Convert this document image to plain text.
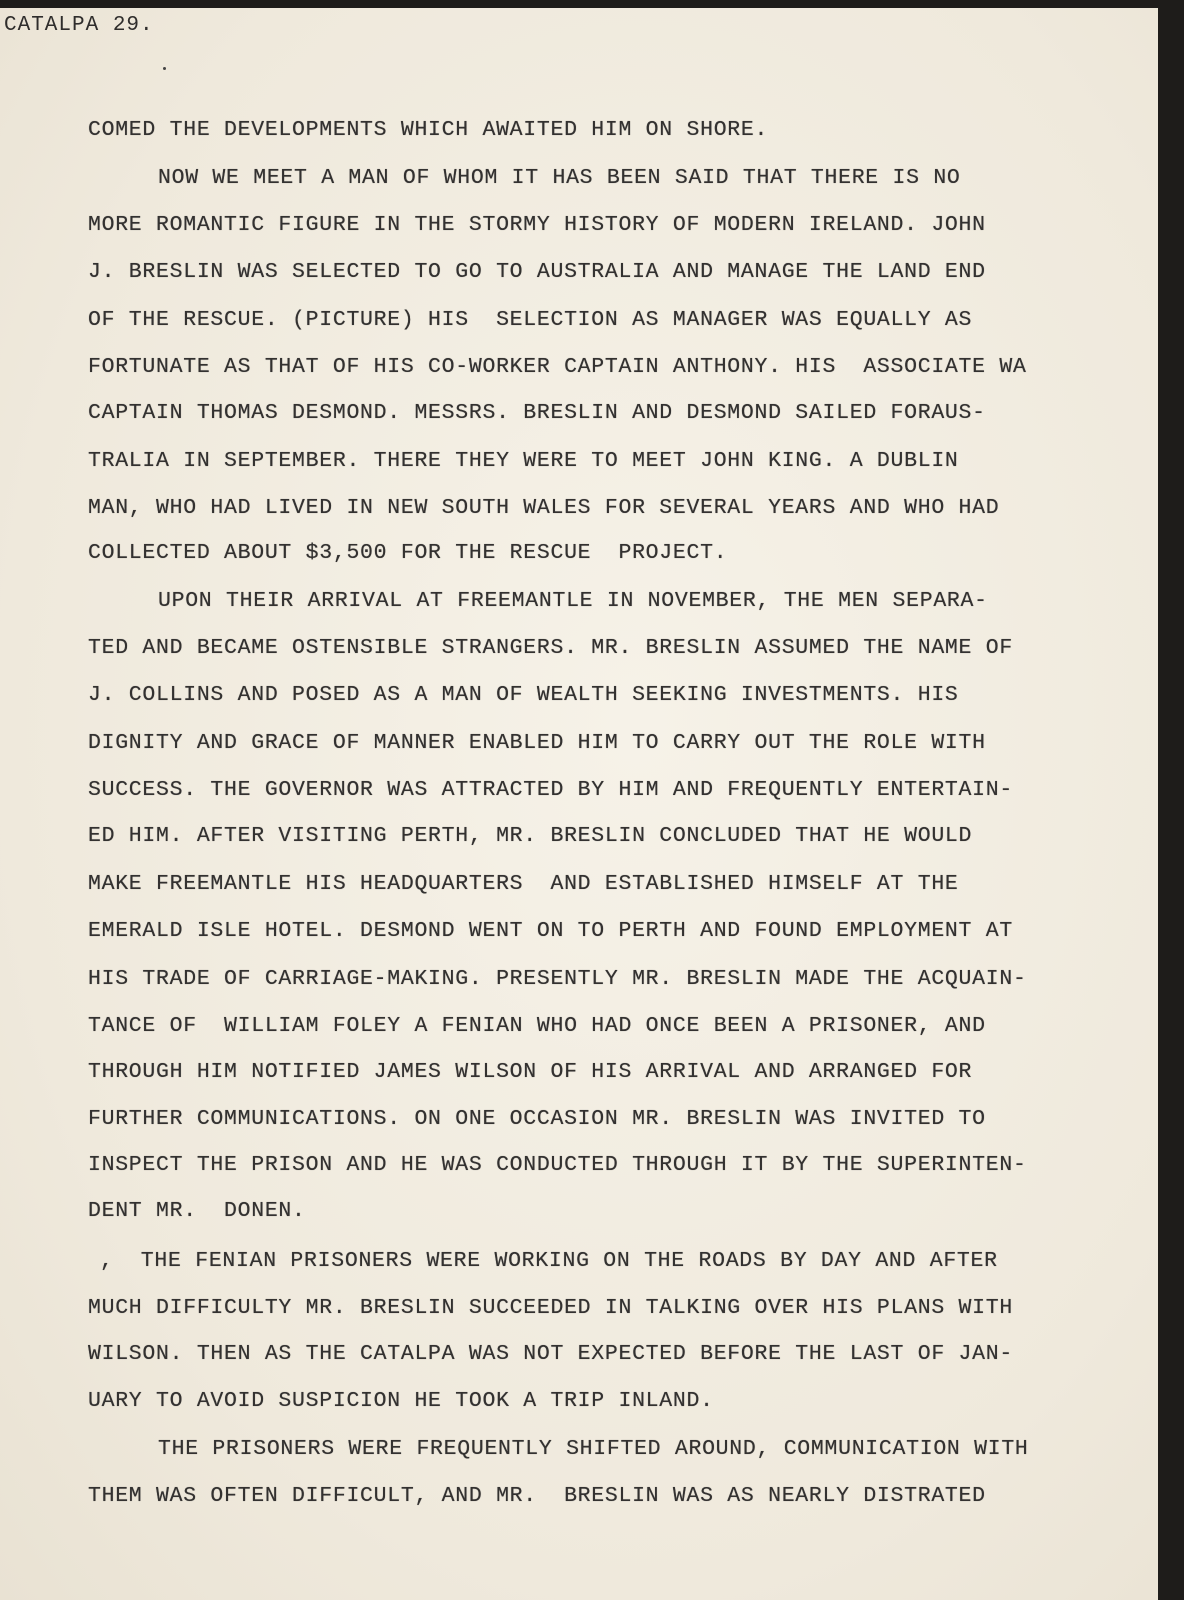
CATALPA 29.
COMED THE DEVELOPMENTS WHICH AWAITED HIM ON SHORE.
NOW WE MEET A MAN OF WHOM IT HAS BEEN SAID THAT THERE IS NO
MORE ROMANTIC FIGURE IN THE STORMY HISTORY OF MODERN IRELAND. JOHN
J. BRESLIN WAS SELECTED TO GO TO AUSTRALIA AND MANAGE THE LAND END
OF THE RESCUE. (PICTURE) HIS  SELECTION AS MANAGER WAS EQUALLY AS
FORTUNATE AS THAT OF HIS CO-WORKER CAPTAIN ANTHONY. HIS  ASSOCIATE WA
CAPTAIN THOMAS DESMOND. MESSRS. BRESLIN AND DESMOND SAILED FORAUS-
TRALIA IN SEPTEMBER. THERE THEY WERE TO MEET JOHN KING. A DUBLIN
MAN, WHO HAD LIVED IN NEW SOUTH WALES FOR SEVERAL YEARS AND WHO HAD
COLLECTED ABOUT $3,500 FOR THE RESCUE  PROJECT.
UPON THEIR ARRIVAL AT FREEMANTLE IN NOVEMBER, THE MEN SEPARA-
TED AND BECAME OSTENSIBLE STRANGERS. MR. BRESLIN ASSUMED THE NAME OF
J. COLLINS AND POSED AS A MAN OF WEALTH SEEKING INVESTMENTS. HIS
DIGNITY AND GRACE OF MANNER ENABLED HIM TO CARRY OUT THE ROLE WITH
SUCCESS. THE GOVERNOR WAS ATTRACTED BY HIM AND FREQUENTLY ENTERTAIN-
ED HIM. AFTER VISITING PERTH, MR. BRESLIN CONCLUDED THAT HE WOULD
MAKE FREEMANTLE HIS HEADQUARTERS  AND ESTABLISHED HIMSELF AT THE
EMERALD ISLE HOTEL. DESMOND WENT ON TO PERTH AND FOUND EMPLOYMENT AT
HIS TRADE OF CARRIAGE-MAKING. PRESENTLY MR. BRESLIN MADE THE ACQUAIN-
TANCE OF  WILLIAM FOLEY A FENIAN WHO HAD ONCE BEEN A PRISONER, AND
THROUGH HIM NOTIFIED JAMES WILSON OF HIS ARRIVAL AND ARRANGED FOR
FURTHER COMMUNICATIONS. ON ONE OCCASION MR. BRESLIN WAS INVITED TO
INSPECT THE PRISON AND HE WAS CONDUCTED THROUGH IT BY THE SUPERINTEN-
DENT MR.  DONEN.
,  THE FENIAN PRISONERS WERE WORKING ON THE ROADS BY DAY AND AFTER
MUCH DIFFICULTY MR. BRESLIN SUCCEEDED IN TALKING OVER HIS PLANS WITH
WILSON. THEN AS THE CATALPA WAS NOT EXPECTED BEFORE THE LAST OF JAN-
UARY TO AVOID SUSPICION HE TOOK A TRIP INLAND.
THE PRISONERS WERE FREQUENTLY SHIFTED AROUND, COMMUNICATION WITH
THEM WAS OFTEN DIFFICULT, AND MR.  BRESLIN WAS AS NEARLY DISTRATED
